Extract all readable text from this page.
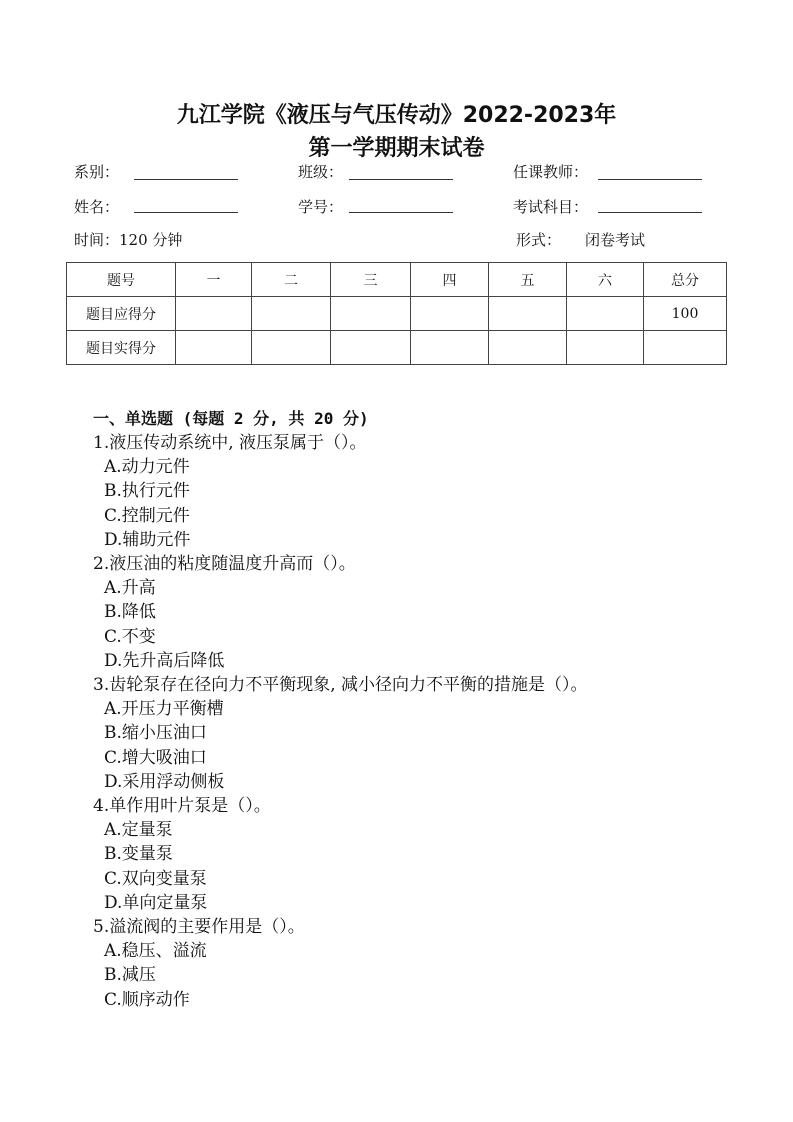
九江学院《液压与气压传动》2022-2023年
第一学期期末试卷
系别：	班级：	任课教师：
姓名：	学号：	考试科目：
时间：120 分钟	形式： 闭卷考试
题号	一	二	三	四	五	六	总分
题目应得分							100
题目实得分							
一、单选题 (每题 2 分, 共 20 分)
1.液压传动系统中, 液压泵属于（）。
A.动力元件
B.执行元件
C.控制元件
D.辅助元件
2.液压油的粘度随温度升高而（）。
A.升高
B.降低
C.不变
D.先升高后降低
3.齿轮泵存在径向力不平衡现象, 减小径向力不平衡的措施是（）。
A.开压力平衡槽
B.缩小压油口
C.增大吸油口
D.采用浮动侧板
4.单作用叶片泵是（）。
A.定量泵
B.变量泵
C.双向变量泵
D.单向定量泵
5.溢流阀的主要作用是（）。
A.稳压、溢流
B.减压
C.顺序动作
